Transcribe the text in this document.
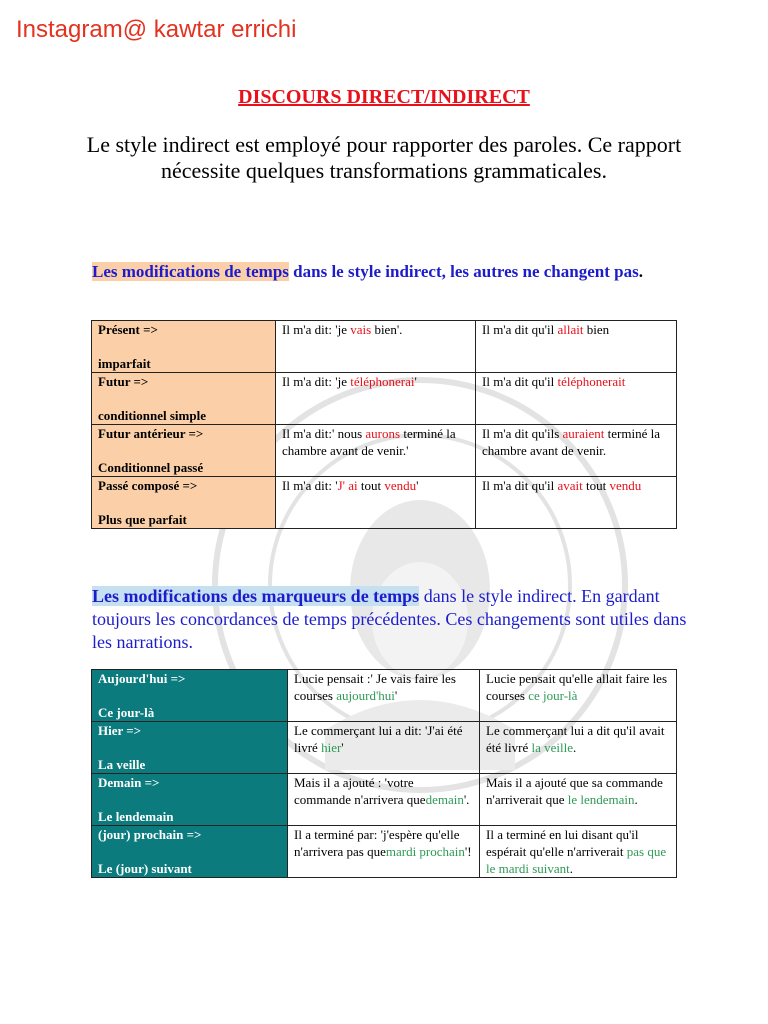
Instagram@ kawtar errichi
DISCOURS DIRECT/INDIRECT
Le style indirect est employé pour rapporter des paroles. Ce rapport nécessite quelques transformations grammaticales.
Les modifications de temps dans le style indirect, les autres ne changent pas.
Présent =>
imparfait	Il m'a dit: 'je vais bien'.	Il m'a dit qu'il allait bien

Futur =>
conditionnel simple	Il m'a dit: 'je téléphonerai'	Il m'a dit qu'il téléphonerait

Futur antérieur =>
Conditionnel passé	Il m'a dit:' nous aurons terminé la chambre avant de venir.'	Il m'a dit qu'ils auraient terminé la chambre avant de venir.

Passé composé =>
Plus que parfait	Il m'a dit: 'J' ai tout vendu'	Il m'a dit qu'il avait tout vendu
Les modifications des marqueurs de temps dans le style indirect. En gardant toujours les concordances de temps précédentes. Ces changements sont utiles dans les narrations.
Aujourd'hui =>
Ce jour-là	Lucie pensait :' Je vais faire les courses aujourd'hui'	Lucie pensait qu'elle allait faire les courses ce jour-là

Hier =>
La veille	Le commerçant lui a dit: 'J'ai été livré hier'	Le commerçant lui a dit qu'il avait été livré la veille.

Demain =>
Le lendemain	Mais il a ajouté : 'votre commande n'arrivera quedemain'.	Mais il a ajouté que sa commande n'arriverait que le lendemain.

(jour) prochain =>
Le (jour) suivant	Il a terminé par: 'j'espère qu'elle n'arrivera pas quemardi prochain'!	Il a terminé en lui disant qu'il espérait qu'elle n'arriverait pas que le mardi suivant.
